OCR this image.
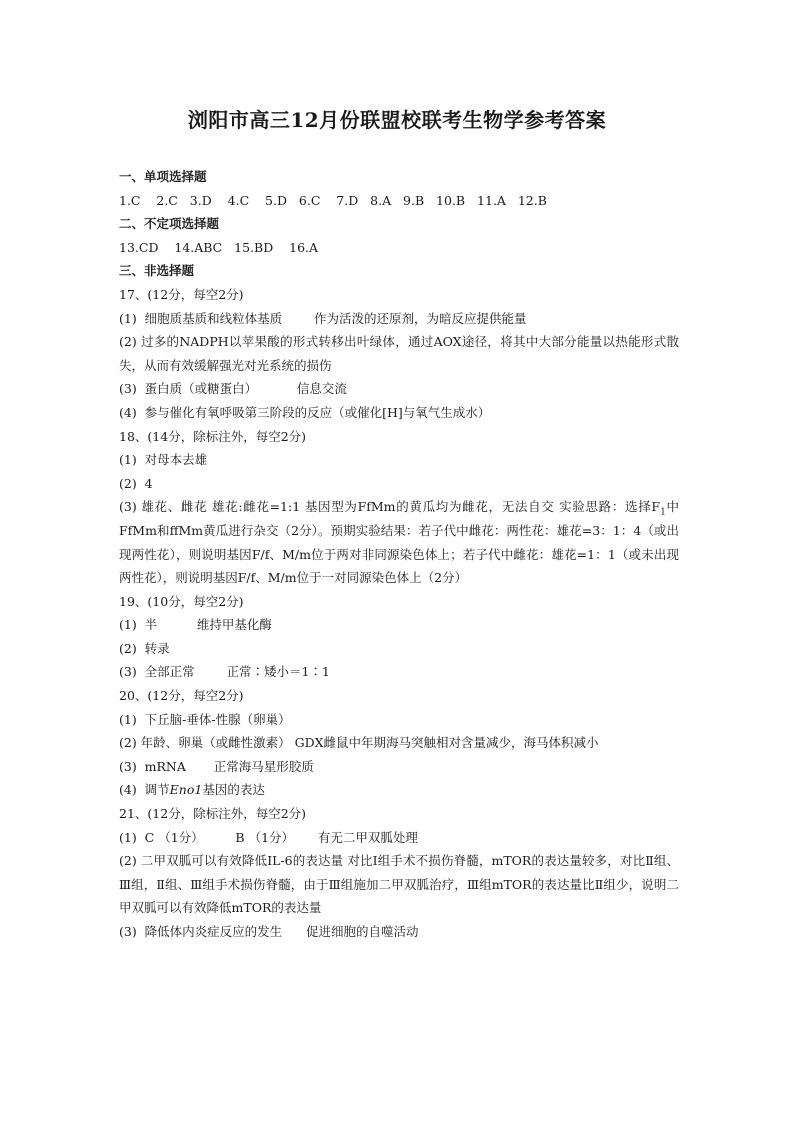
浏阳市高三12月份联盟校联考生物学参考答案
一、单项选择题
1.C    2.C   3.D    4.C    5.D   6.C    7.D   8.A   9.B   10.B   11.A   12.B
二、不定项选择题
13.CD    14.ABC   15.BD    16.A
三、非选择题
17、(12分，每空2分)
(1)  细胞质基质和线粒体基质        作为活泼的还原剂，为暗反应提供能量
(2) 过多的NADPH以苹果酸的形式转移出叶绿体，通过AOX途径，将其中大部分能量以热能形式散失，从而有效缓解强光对光系统的损伤
(3)  蛋白质（或糖蛋白）          信息交流
(4)  参与催化有氧呼吸第三阶段的反应（或催化[H]与氧气生成水）
18、(14分，除标注外，每空2分)
(1)  对母本去雄
(2)  4
(3) 雄花、雌花 雄花:雌花=1:1 基因型为FfMm的黄瓜均为雌花，无法自交 实验思路：选择$F_1$中FfMm和ffMm黄瓜进行杂交（2分）。预期实验结果：若子代中雌花：两性花：雄花=3：1：4（或出现两性花），则说明基因F/f、M/m位于两对非同源染色体上；若子代中雌花：雄花=1：1（或未出现两性花），则说明基因F/f、M/m位于一对同源染色体上（2分）
19、(10分，每空2分)
(1)  半          维持甲基化酶
(2)  转录
(3)  全部正常        正常∶矮小＝1∶1
20、(12分，每空2分)
(1)  下丘脑-垂体-性腺（卵巢）
(2) 年龄、卵巢（或雌性激素） GDX雌鼠中年期海马突触相对含量减少，海马体积减小
(3)  mRNA       正常海马星形胶质
(4)  调节Eno1基因的表达
21、(12分，除标注外，每空2分)
(1)  C （1分）        B （1分）      有无二甲双胍处理
(2) 二甲双胍可以有效降低IL-6的表达量 对比Ⅰ组手术不损伤脊髓，mTOR的表达量较多，对比Ⅱ组、Ⅲ组，Ⅱ组、Ⅲ组手术损伤脊髓，由于Ⅲ组施加二甲双胍治疗，Ⅲ组mTOR的表达量比Ⅱ组少，说明二甲双胍可以有效降低mTOR的表达量
(3)  降低体内炎症反应的发生      促进细胞的自噬活动
